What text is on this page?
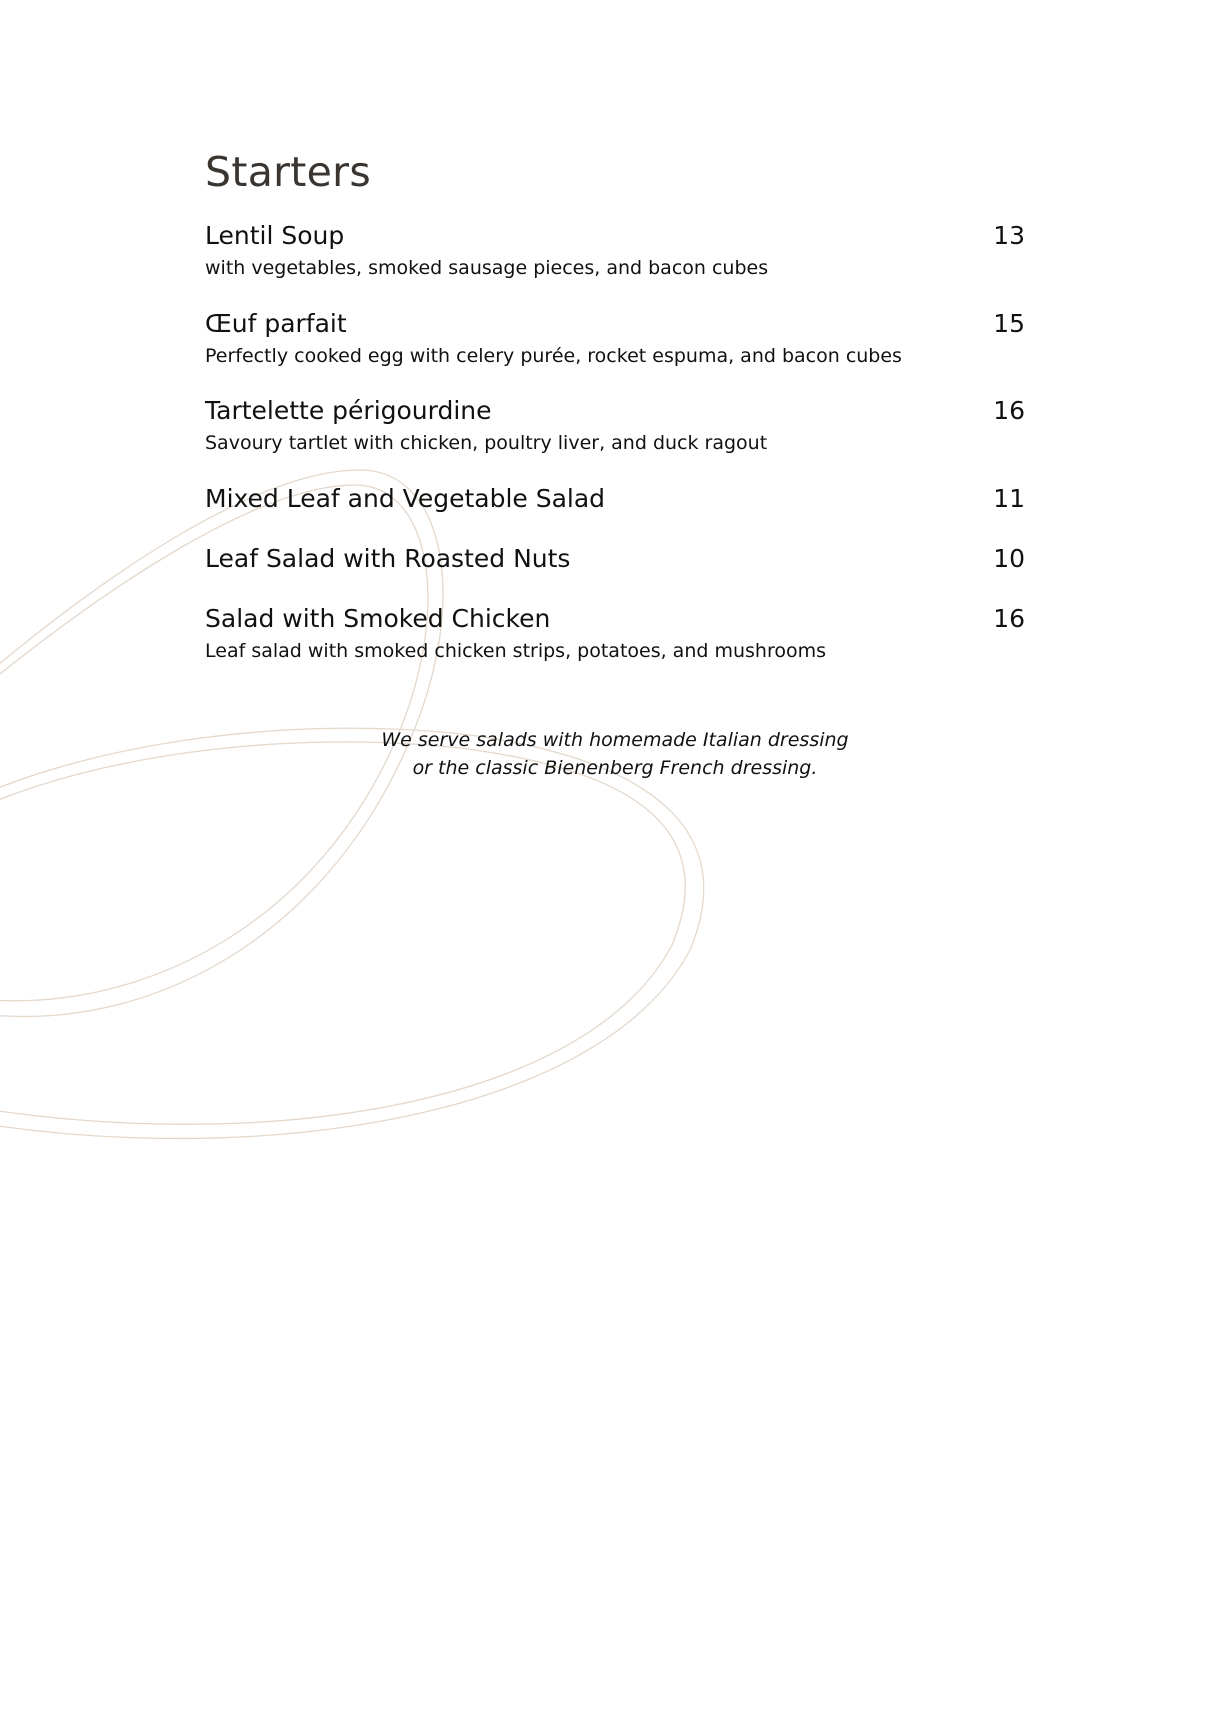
Starters

Lentil Soup	13

with vegetables, smoked sausage pieces, and bacon cubes

Œuf parfait	15

Perfectly cooked egg with celery purée, rocket espuma, and bacon cubes

Tartelette périgourdine	16

Savoury tartlet with chicken, poultry liver, and duck ragout

Mixed Leaf and Vegetable Salad	11

Leaf Salad with Roasted Nuts	10

Salad with Smoked Chicken	16

Leaf salad with smoked chicken strips, potatoes, and mushrooms

We serve salads with homemade Italian dressing
or the classic Bienenberg French dressing.
